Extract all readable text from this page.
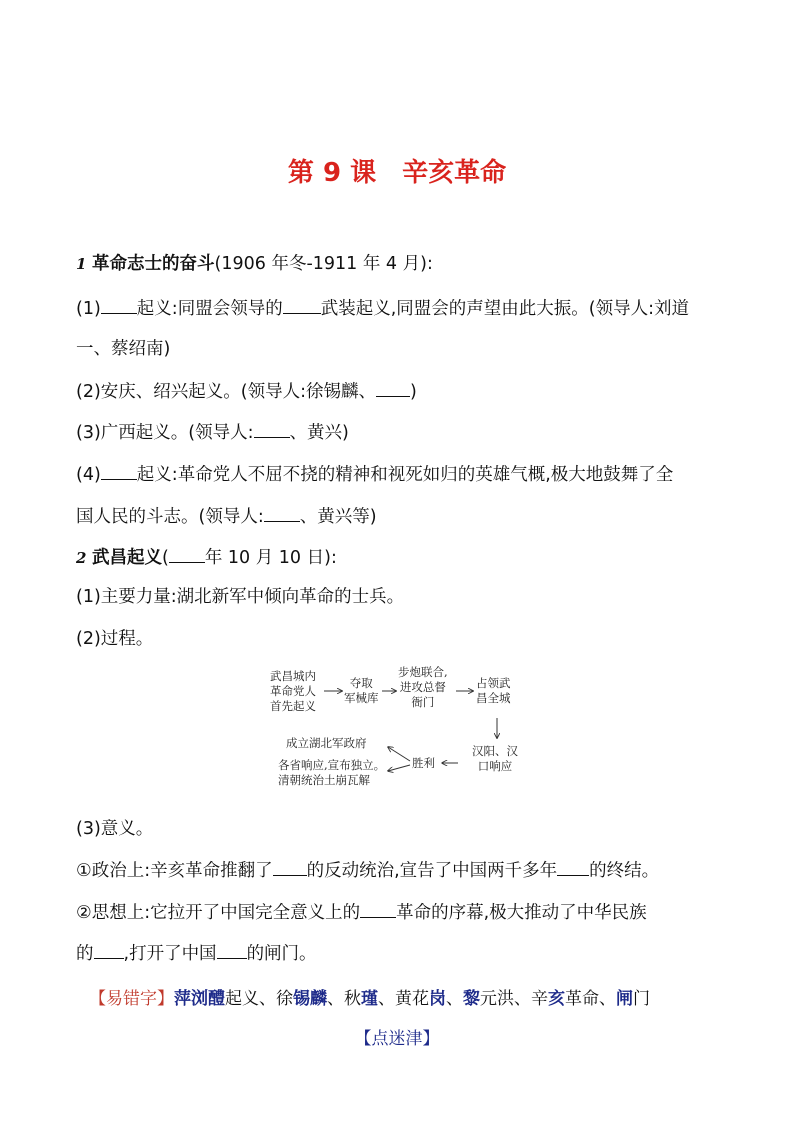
第 9 课 辛亥革命
1 革命志士的奋斗(1906 年冬-1911 年 4 月):
(1) 起义:同盟会领导的 武装起义,同盟会的声望由此大振。(领导人:刘道
一、蔡绍南)
(2)安庆、绍兴起义。(领导人:徐锡麟、 )
(3)广西起义。(领导人: 、黄兴)
(4) 起义:革命党人不屈不挠的精神和视死如归的英雄气概,极大地鼓舞了全
国人民的斗志。(领导人: 、黄兴等)
2 武昌起义( 年 10 月 10 日):
(1)主要力量:湖北新军中倾向革命的士兵。
(2)过程。
武昌城内
革命党人
首先起义
夺取
军械库
步炮联合,
进攻总督
衙门
占领武
昌全城
汉阳、汉
口响应
胜利
成立湖北军政府
各省响应,宣布独立。
清朝统治土崩瓦解
(3)意义。
①政治上:辛亥革命推翻了 的反动统治,宣告了中国两千多年 的终结。
②思想上:它拉开了中国完全意义上的 革命的序幕,极大推动了中华民族
的 ,打开了中国 的闸门。
【易错字】萍浏醴起义、徐锡麟、秋瑾、黄花岗、黎元洪、辛亥革命、闸门
【点迷津】
